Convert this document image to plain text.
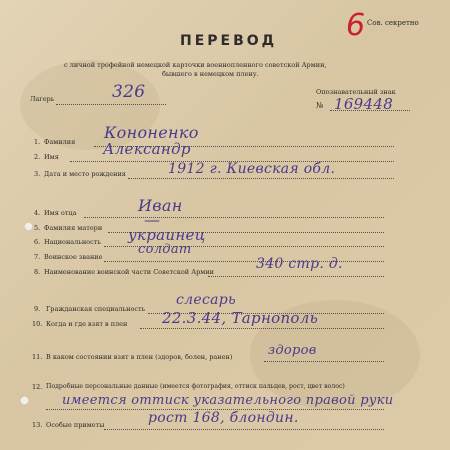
Сов. секретно
6
ПЕРЕВОД
с личной трофейной немецкой карточки военнопленного советской Армии,
бывшего в немецком плену.
Лагерь	326	Опознавательный знак
№ 169448
1. Фамилия Кононенко
2. Имя	Александр
3. Дата и место рождения	1912 г. Киевская обл.
4. Имя отца	Иван
5. Фамилия матери	—
6. Национальность украинец
7. Воинское звание	солдат
8. Наименование воинской части Советской Армии	340 стр. д.
9. Гражданская специальность
слесарь
10. Когда и где взят в плен 22.3.44, Тарнополь
11. В каком состоянии взят в плен (здоров, болен, ранен)	здоров
12. Подробные персональные данные (имеется фотография, оттиск пальцев, рост, цвет волос)
имеется оттиск указательного правой руки
13. Особые приметы	рост 168, блондин.
